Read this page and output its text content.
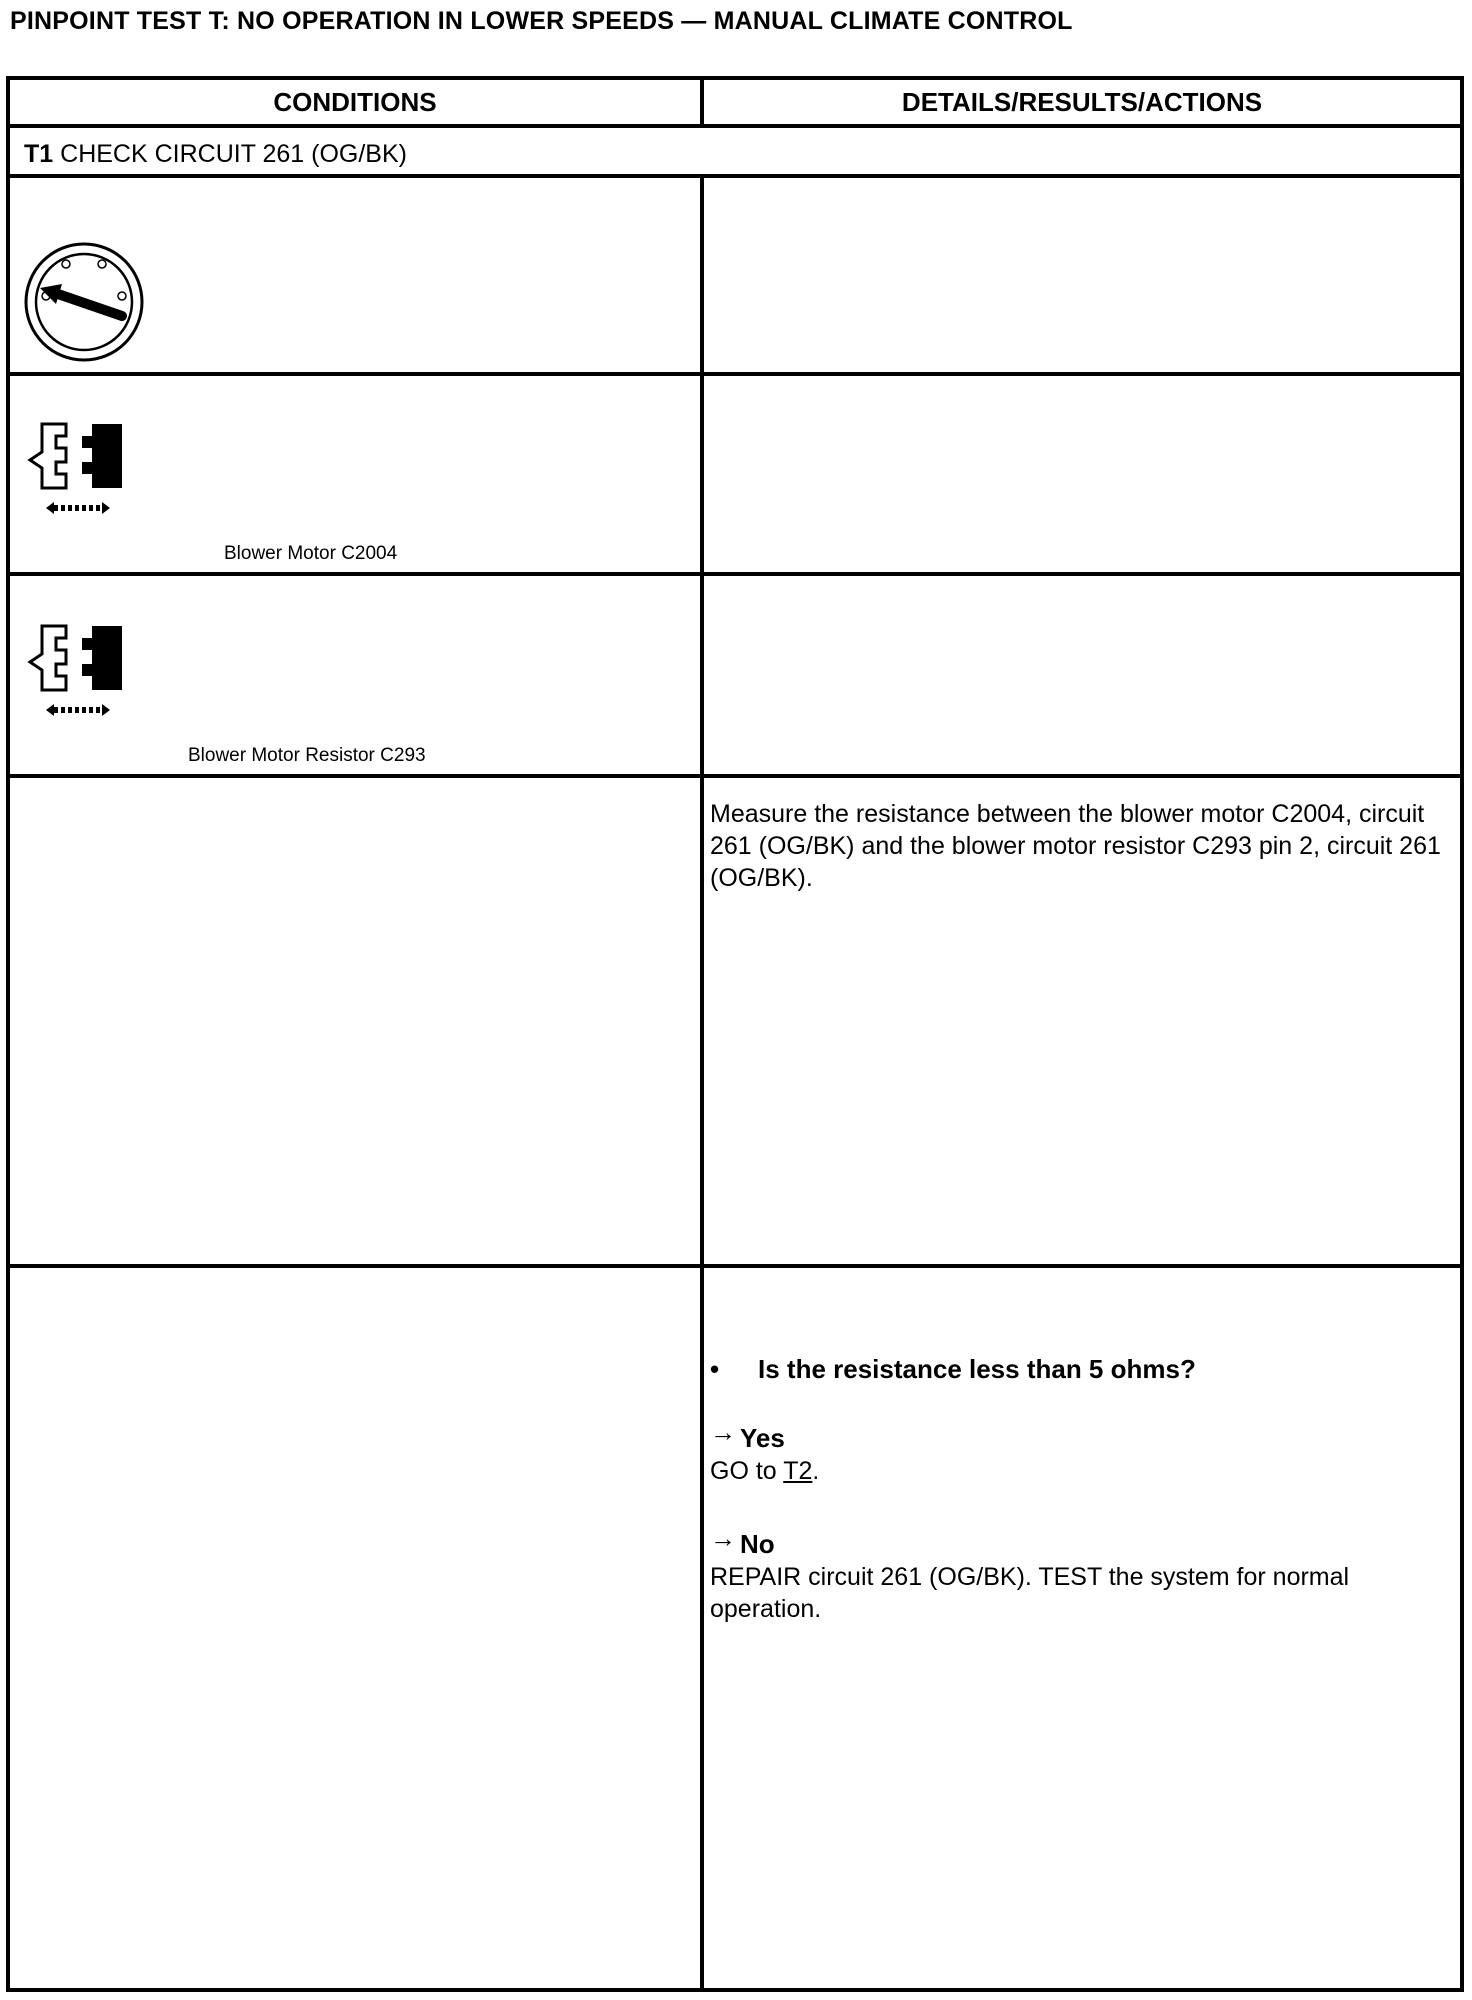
PINPOINT TEST T: NO OPERATION IN LOWER SPEEDS — MANUAL CLIMATE CONTROL
CONDITIONS	DETAILS/RESULTS/ACTIONS
T1 CHECK CIRCUIT 261 (OG/BK)
Blower Motor C2004
Blower Motor Resistor C293
Measure the resistance between the blower motor C2004, circuit 261 (OG/BK) and the blower motor resistor C293 pin 2, circuit 261 (OG/BK).
• Is the resistance less than 5 ohms?
→ Yes
GO to T2.
→ No
REPAIR circuit 261 (OG/BK). TEST the system for normal operation.
